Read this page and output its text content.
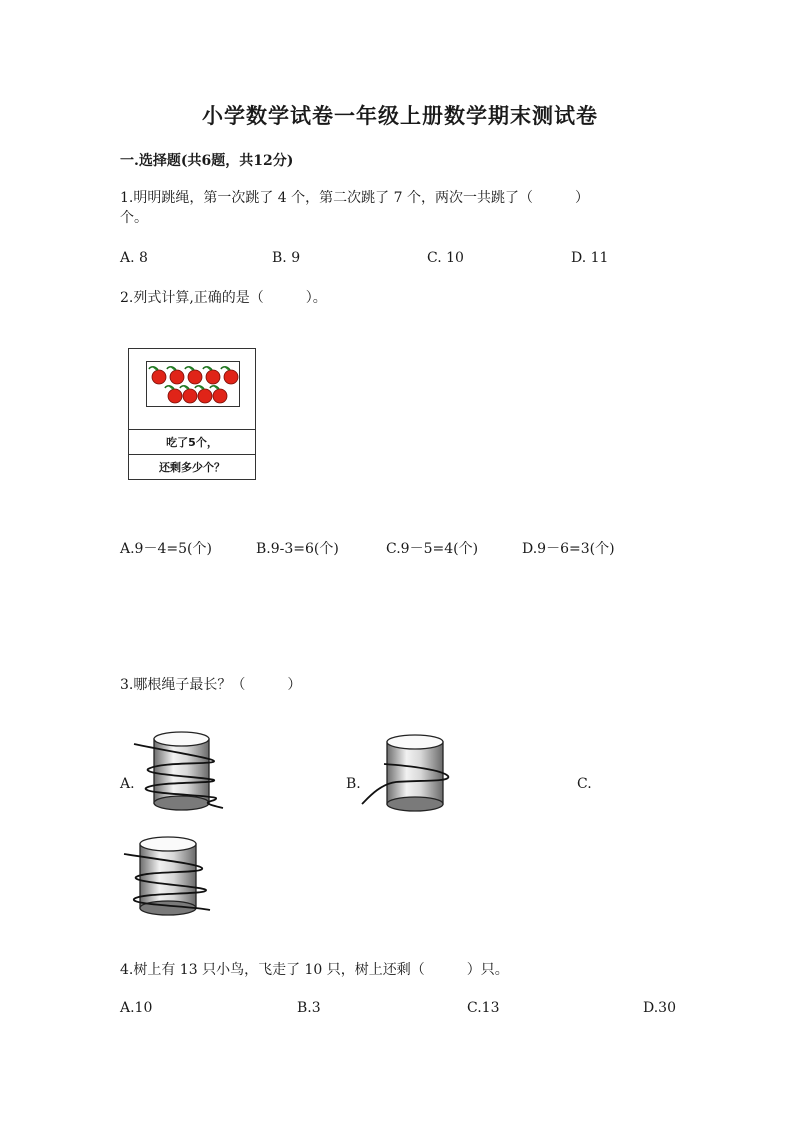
小学数学试卷一年级上册数学期末测试卷
一.选择题(共6题，共12分)
1.明明跳绳，第一次跳了 4 个，第二次跳了 7 个，两次一共跳了（　　　）
个。
A. 8	B. 9	C. 10	D. 11
2.列式计算,正确的是（　　　）。
吃了5个，
还剩多少个？
A.9－4=5(个)	B.9-3=6(个)	C.9－5=4(个)	D.9－6=3(个)
3.哪根绳子最长？（　　　）
A.	B.	C.
4.树上有 13 只小鸟，飞走了 10 只，树上还剩（　　　）只。
A.10	B.3	C.13	D.30
